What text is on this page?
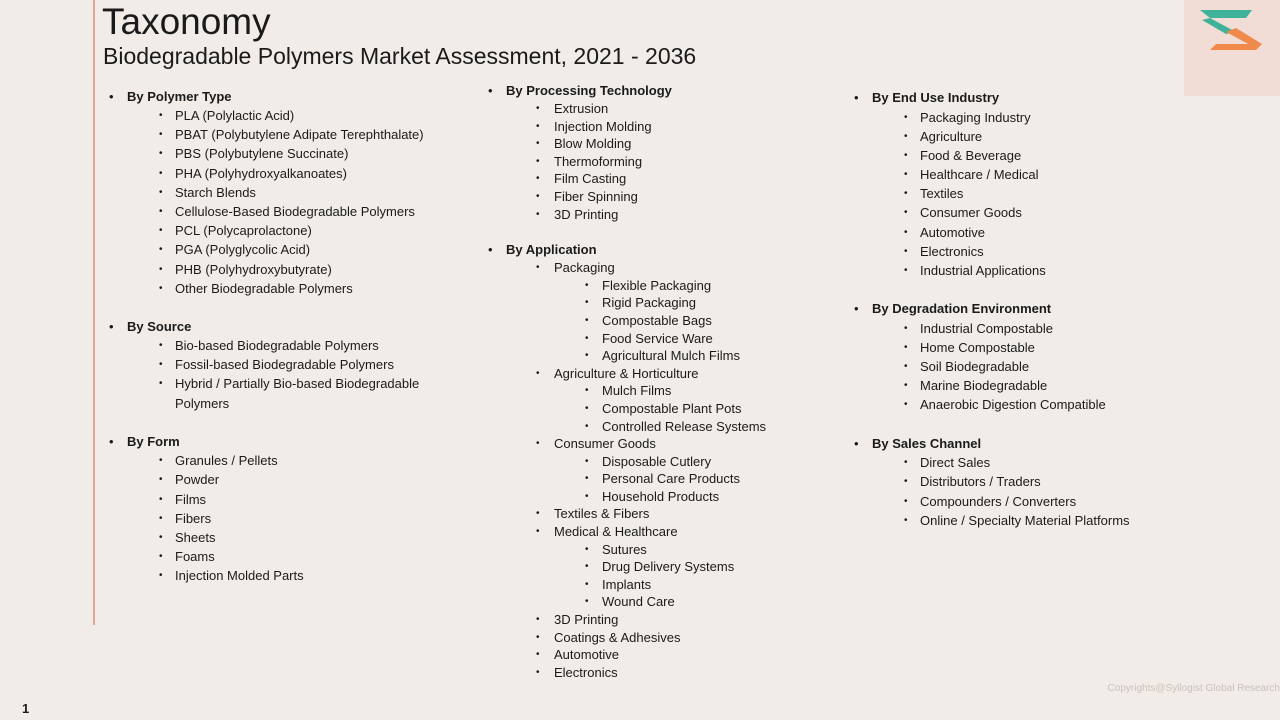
Taxonomy
Biodegradable Polymers Market Assessment, 2021 - 2036
• By Polymer Type
• PLA (Polylactic Acid)
• PBAT (Polybutylene Adipate Terephthalate)
• PBS (Polybutylene Succinate)
• PHA (Polyhydroxyalkanoates)
• Starch Blends
• Cellulose-Based Biodegradable Polymers
• PCL (Polycaprolactone)
• PGA (Polyglycolic Acid)
• PHB (Polyhydroxybutyrate)
• Other Biodegradable Polymers
• By Source
• Bio-based Biodegradable Polymers
• Fossil-based Biodegradable Polymers
• Hybrid / Partially Bio-based Biodegradable Polymers
• By Form
• Granules / Pellets
• Powder
• Films
• Fibers
• Sheets
• Foams
• Injection Molded Parts
• By Processing Technology
• Extrusion
• Injection Molding
• Blow Molding
• Thermoforming
• Film Casting
• Fiber Spinning
• 3D Printing
• By Application
• Packaging
• Flexible Packaging
• Rigid Packaging
• Compostable Bags
• Food Service Ware
• Agricultural Mulch Films
• Agriculture & Horticulture
• Mulch Films
• Compostable Plant Pots
• Controlled Release Systems
• Consumer Goods
• Disposable Cutlery
• Personal Care Products
• Household Products
• Textiles & Fibers
• Medical & Healthcare
• Sutures
• Drug Delivery Systems
• Implants
• Wound Care
• 3D Printing
• Coatings & Adhesives
• Automotive
• Electronics
• By End Use Industry
• Packaging Industry
• Agriculture
• Food & Beverage
• Healthcare / Medical
• Textiles
• Consumer Goods
• Automotive
• Electronics
• Industrial Applications
• By Degradation Environment
• Industrial Compostable
• Home Compostable
• Soil Biodegradable
• Marine Biodegradable
• Anaerobic Digestion Compatible
• By Sales Channel
• Direct Sales
• Distributors / Traders
• Compounders / Converters
• Online / Specialty Material Platforms
1
Copyrights@Syllogist Global Research
